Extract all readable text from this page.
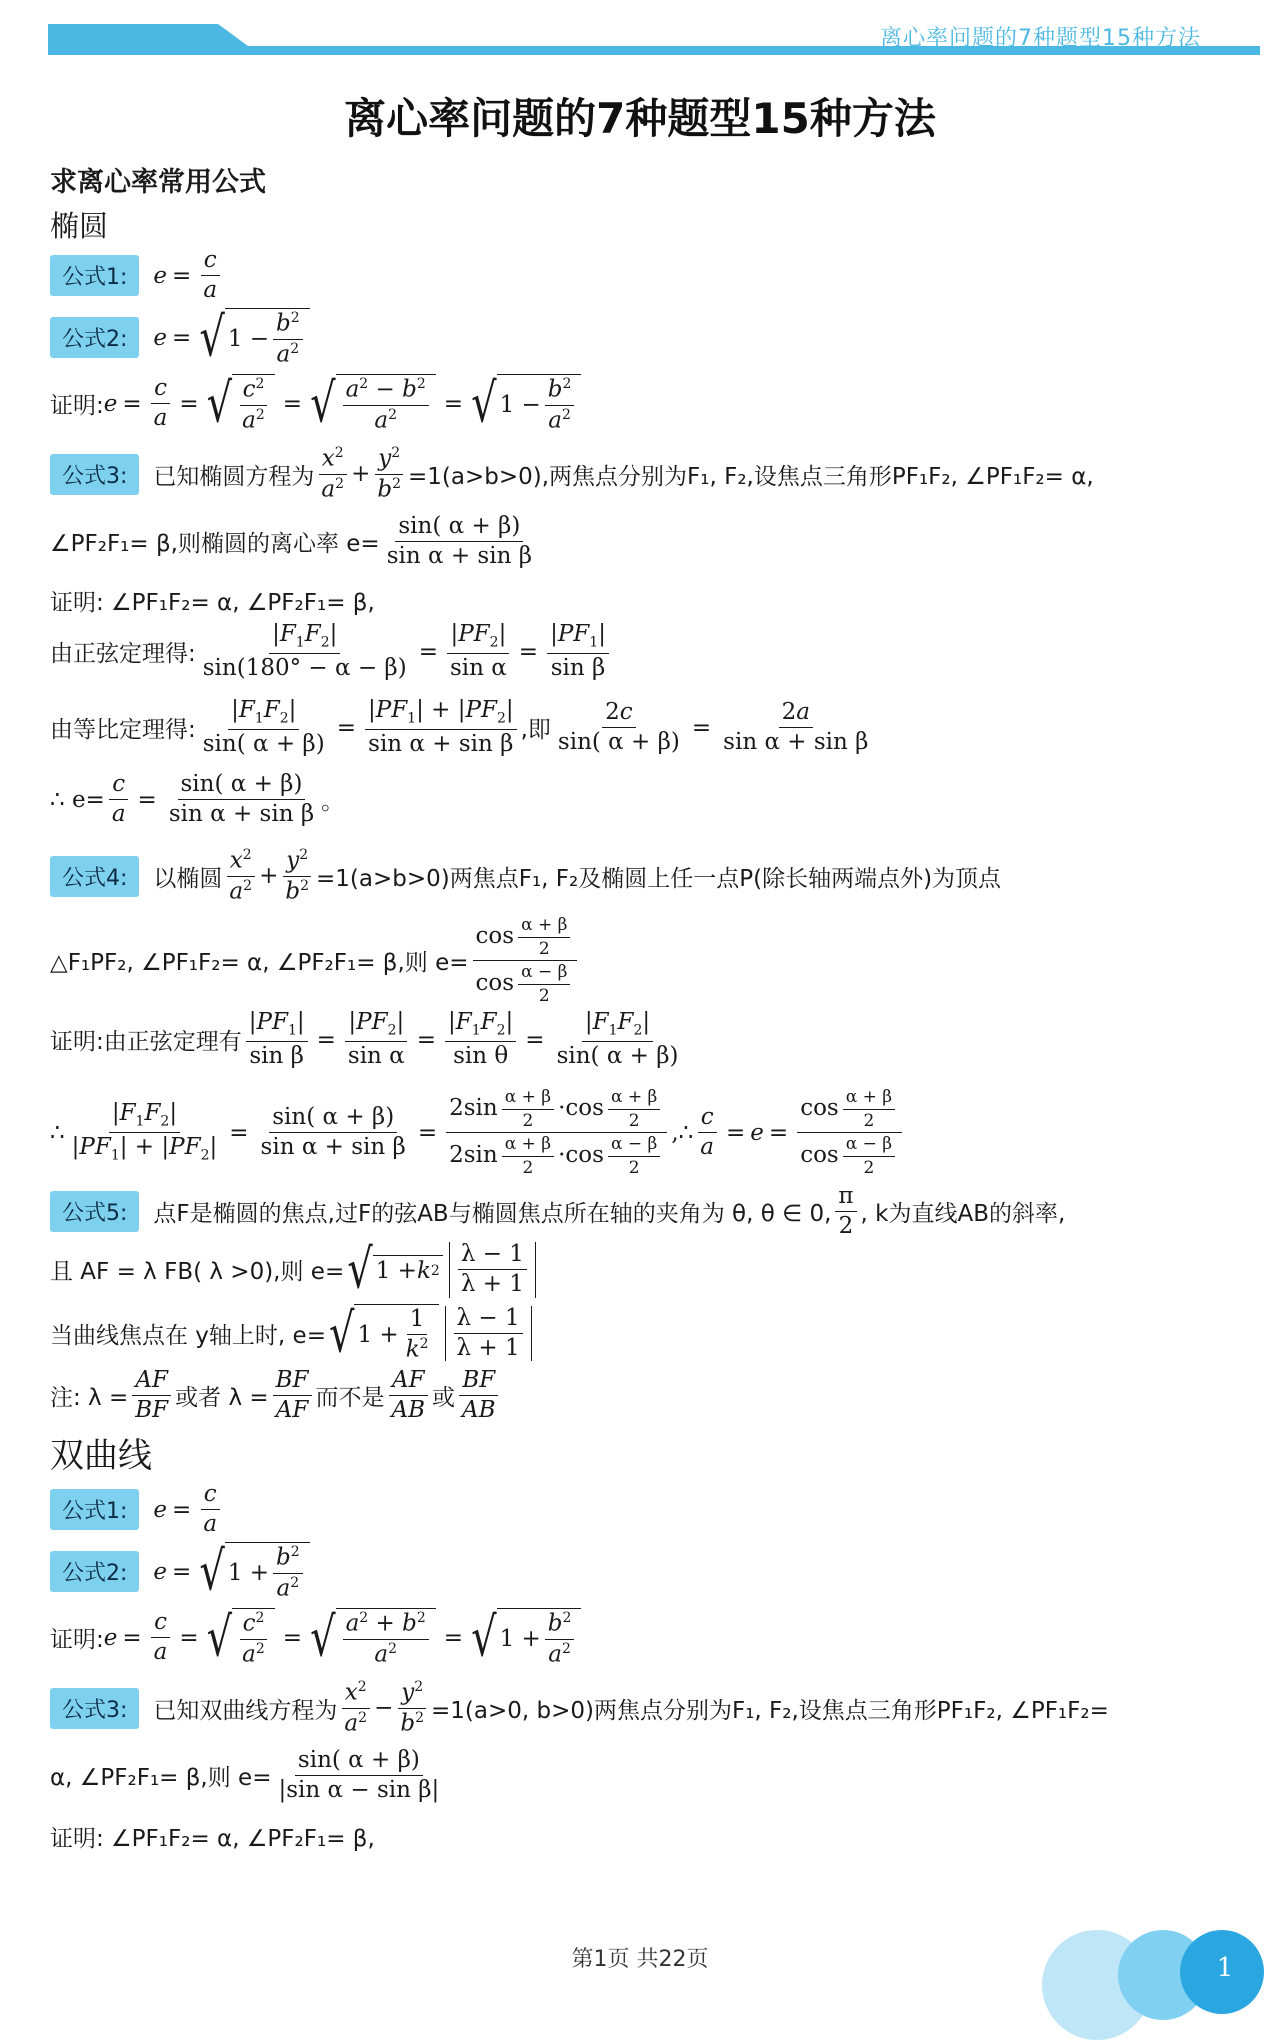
离心率问题的7种题型15种方法
离心率问题的7种题型15种方法
求离心率常用公式
椭圆
公式1:	$e = \frac{c}{a}$
公式2:	e = √ $1 - \frac{b^2}{a^2}$
证明: $e = \frac{c}{a}$ = √ $\frac{c^2}{a^2}$ = √ $\frac{a^2 - b^2}{a^2}$ = √ $1 - \frac{b^2}{a^2}$
公式3:	已知椭圆方程为 $\frac{x^2}{a^2} + \frac{y^2}{b^2} =1(a>b>0)$,两焦点分别为F₁, F₂,设焦点三角形PF₁F₂, ∠PF₁F₂= α,
∠PF₂F₁= β,则椭圆的离心率 $e= \frac{\sin( \alpha + \beta)}{\text{sin α + sin β}}$
证明: ∠PF₁F₂= α, ∠PF₂F₁= β,
由正弦定理得: $\frac{|F_1F_2|}{\sin(180^\circ - \alpha - \beta)} = \frac{|PF_2|}{\text{sin α}} = \frac{|PF_1|}{\text{sin β}}$
由等比定理得: $\frac{|F_1F_2|}{\sin( \alpha + \beta)} = \frac{|PF_1| + |PF_2|}{\text{sin α + sin β}}$ ,即 $\frac{2c}{\sin( \alpha + \beta)} = \frac{2a}{\text{sin α + sin β}}$
∴ $e= \frac{c}{a} = \frac{\sin( \alpha + \beta)}{\text{sin α + sin β}}$ 。
公式4:	以椭圆 $\frac{x^2}{a^2} + \frac{y^2}{b^2} =1(a>b>0)$两焦点F₁, F₂及椭圆上任一点P(除长轴两端点外)为顶点
△F₁PF₂, ∠PF₁F₂= α, ∠PF₂F₁= β,则 $e= \frac{\cos \frac{\alpha + \beta}{2}}{\cos \frac{\alpha - \beta}{2}}$
证明:由正弦定理有 $\frac{|PF_1|}{\text{sin β}} = \frac{|PF_2|}{\text{sin α}} = \frac{|F_1F_2|}{\text{sin θ}} = \frac{|F_1F_2|}{\sin( \alpha + \beta)}$
∴ $\frac{|F_1F_2|}{|PF_1| + |PF_2|} = \frac{\sin( \alpha + \beta)}{\text{sin α + sin β}} = \frac{2\sin \frac{\alpha + \beta}{2} \cdot\cos \frac{\alpha + \beta}{2}}{2\sin \frac{\alpha + \beta}{2} \cdot\cos \frac{\alpha - \beta}{2}}$ ,∴ $\frac{c}{a} = e = \frac{\cos \frac{\alpha + \beta}{2}}{\cos \frac{\alpha - \beta}{2}}$
公式5:	点F是椭圆的焦点,过F的弦AB与椭圆焦点所在轴的夹角为 θ, θ ∈ 0, $\frac{\pi}{2}$ , k为直线AB的斜率,
且 AF = λ FB( λ >0),则 e= √ 1 + k $2 \frac{\lambda - 1}{\lambda + 1}$
当曲线焦点在 y轴上时, e= √ $1 + \frac{1}{k^2} \frac{\lambda - 1}{\lambda + 1}$
注: $\lambda = \frac{AF}{BF}$ 或者 $\lambda = \frac{BF}{AF}$ 而不是 $\frac{AF}{AB}$ 或 $\frac{BF}{AB}$
双曲线
公式1:	$e = \frac{c}{a}$
公式2:	e = √ $1 + \frac{b^2}{a^2}$
证明: $e = \frac{c}{a}$ = √ $\frac{c^2}{a^2}$ = √ $\frac{a^2 + b^2}{a^2}$ = √ $1 + \frac{b^2}{a^2}$
公式3:	已知双曲线方程为 $\frac{x^2}{a^2} - \frac{y^2}{b^2} =1(a>0$, b>0)两焦点分别为F₁, F₂,设焦点三角形PF₁F₂, ∠PF₁F₂=
α, ∠PF₂F₁= β,则 $e= \frac{\sin( \alpha + \beta)}{\text{|sin α − sin β|}}$
证明: ∠PF₁F₂= α, ∠PF₂F₁= β,
第1页 共22页	1
